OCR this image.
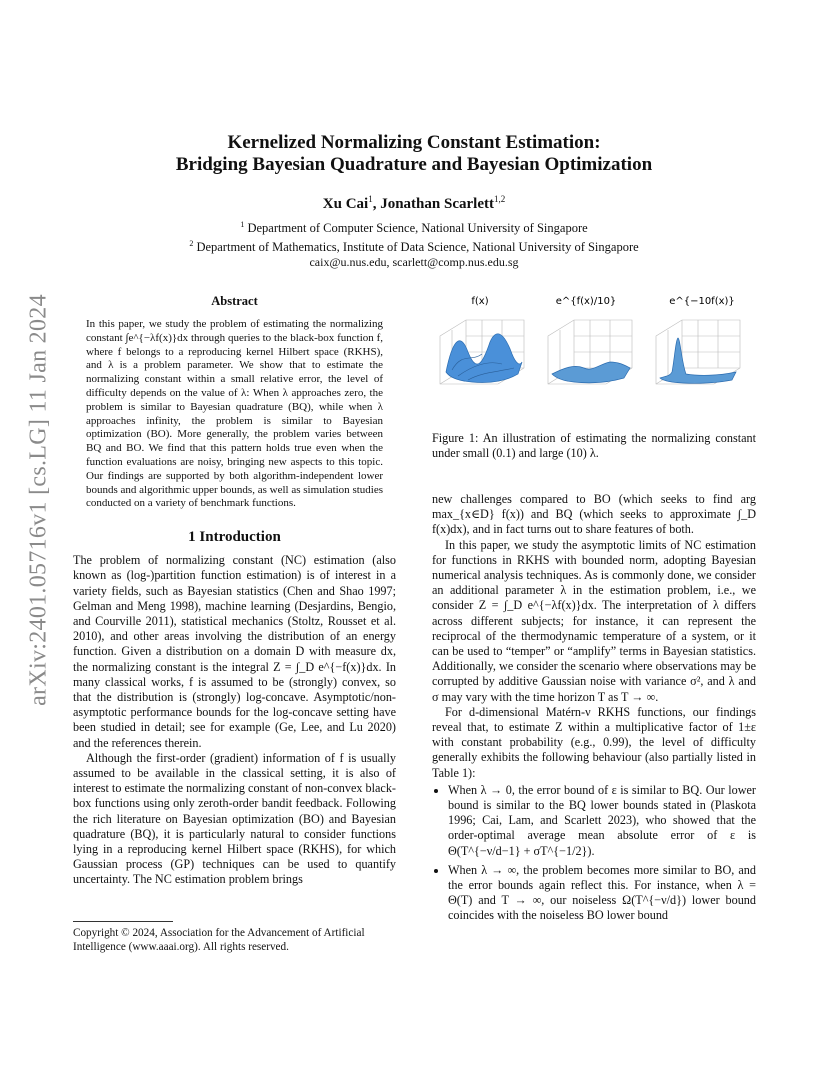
arXiv:2401.05716v1 [cs.LG] 11 Jan 2024
Kernelized Normalizing Constant Estimation:
Bridging Bayesian Quadrature and Bayesian Optimization
Xu Cai$^1$, Jonathan Scarlett$^{1,2}$
$^1$ Department of Computer Science, National University of Singapore
$^2$ Department of Mathematics, Institute of Data Science, National University of Singapore
caix@u.nus.edu, scarlett@comp.nus.edu.sg
Abstract

In this paper, we study the problem of estimating the normalizing constant ∫e^{−λf(x)}dx through queries to the black-box function f, where f belongs to a reproducing kernel Hilbert space (RKHS), and λ is a problem parameter. We show that to estimate the normalizing constant within a small relative error, the level of difficulty depends on the value of λ: When λ approaches zero, the problem is similar to Bayesian quadrature (BQ), while when λ approaches infinity, the problem is similar to Bayesian optimization (BO). More generally, the problem varies between BQ and BO. We find that this pattern holds true even when the function evaluations are noisy, bringing new aspects to this topic. Our findings are supported by both algorithm-independent lower bounds and algorithmic upper bounds, as well as simulation studies conducted on a variety of benchmark functions.

1 Introduction

The problem of normalizing constant (NC) estimation (also known as (log-)partition function estimation) is of interest in a variety fields, such as Bayesian statistics (Chen and Shao 1997; Gelman and Meng 1998), machine learning (Desjardins, Bengio, and Courville 2011), statistical mechanics (Stoltz, Rousset et al. 2010), and other areas involving the distribution of an energy function. Given a distribution on a domain D with measure dx, the normalizing constant is the integral Z = ∫_D e^{−f(x)}dx. In many classical works, f is assumed to be (strongly) convex, so that the distribution is (strongly) log-concave. Asymptotic/non-asymptotic performance bounds for the log-concave setting have been studied in detail; see for example (Ge, Lee, and Lu 2020) and the references therein.

Although the first-order (gradient) information of f is usually assumed to be available in the classical setting, it is also of interest to estimate the normalizing constant of non-convex black-box functions using only zeroth-order bandit feedback. Following the rich literature on Bayesian optimization (BO) and Bayesian quadrature (BQ), it is particularly natural to consider functions lying in a reproducing kernel Hilbert space (RKHS), for which Gaussian process (GP) techniques can be used to quantify uncertainty. The NC estimation problem brings

Copyright © 2024, Association for the Advancement of Artificial Intelligence (www.aaai.org). All rights reserved.
f(x)	e^{f(x)/10}	e^{−10f(x)}
Figure 1: An illustration of estimating the normalizing constant under small (0.1) and large (10) λ.

new challenges compared to BO (which seeks to find arg max_{x∈D} f(x)) and BQ (which seeks to approximate ∫_D f(x)dx), and in fact turns out to share features of both.

In this paper, we study the asymptotic limits of NC estimation for functions in RKHS with bounded norm, adopting Bayesian numerical analysis techniques. As is commonly done, we consider an additional parameter λ in the estimation problem, i.e., we consider Z = ∫_D e^{−λf(x)}dx. The interpretation of λ differs across different subjects; for instance, it can represent the reciprocal of the thermodynamic temperature of a system, or it can be used to “temper” or “amplify” terms in Bayesian statistics. Additionally, we consider the scenario where observations may be corrupted by additive Gaussian noise with variance σ², and λ and σ may vary with the time horizon T as T → ∞.

For d-dimensional Matérn-ν RKHS functions, our findings reveal that, to estimate Z within a multiplicative factor of 1±ε with constant probability (e.g., 0.99), the level of difficulty generally exhibits the following behaviour (also partially listed in Table 1):

• When λ → 0, the error bound of ε is similar to BQ. Our lower bound is similar to the BQ lower bounds stated in (Plaskota 1996; Cai, Lam, and Scarlett 2023), who showed that the order-optimal average mean absolute error of ε is Θ(T^{−ν/d−1} + σT^{−1/2}).
• When λ → ∞, the problem becomes more similar to BO, and the error bounds again reflect this. For instance, when λ = Θ(T) and T → ∞, our noiseless Ω(T^{−ν/d}) lower bound coincides with the noiseless BO lower bound
